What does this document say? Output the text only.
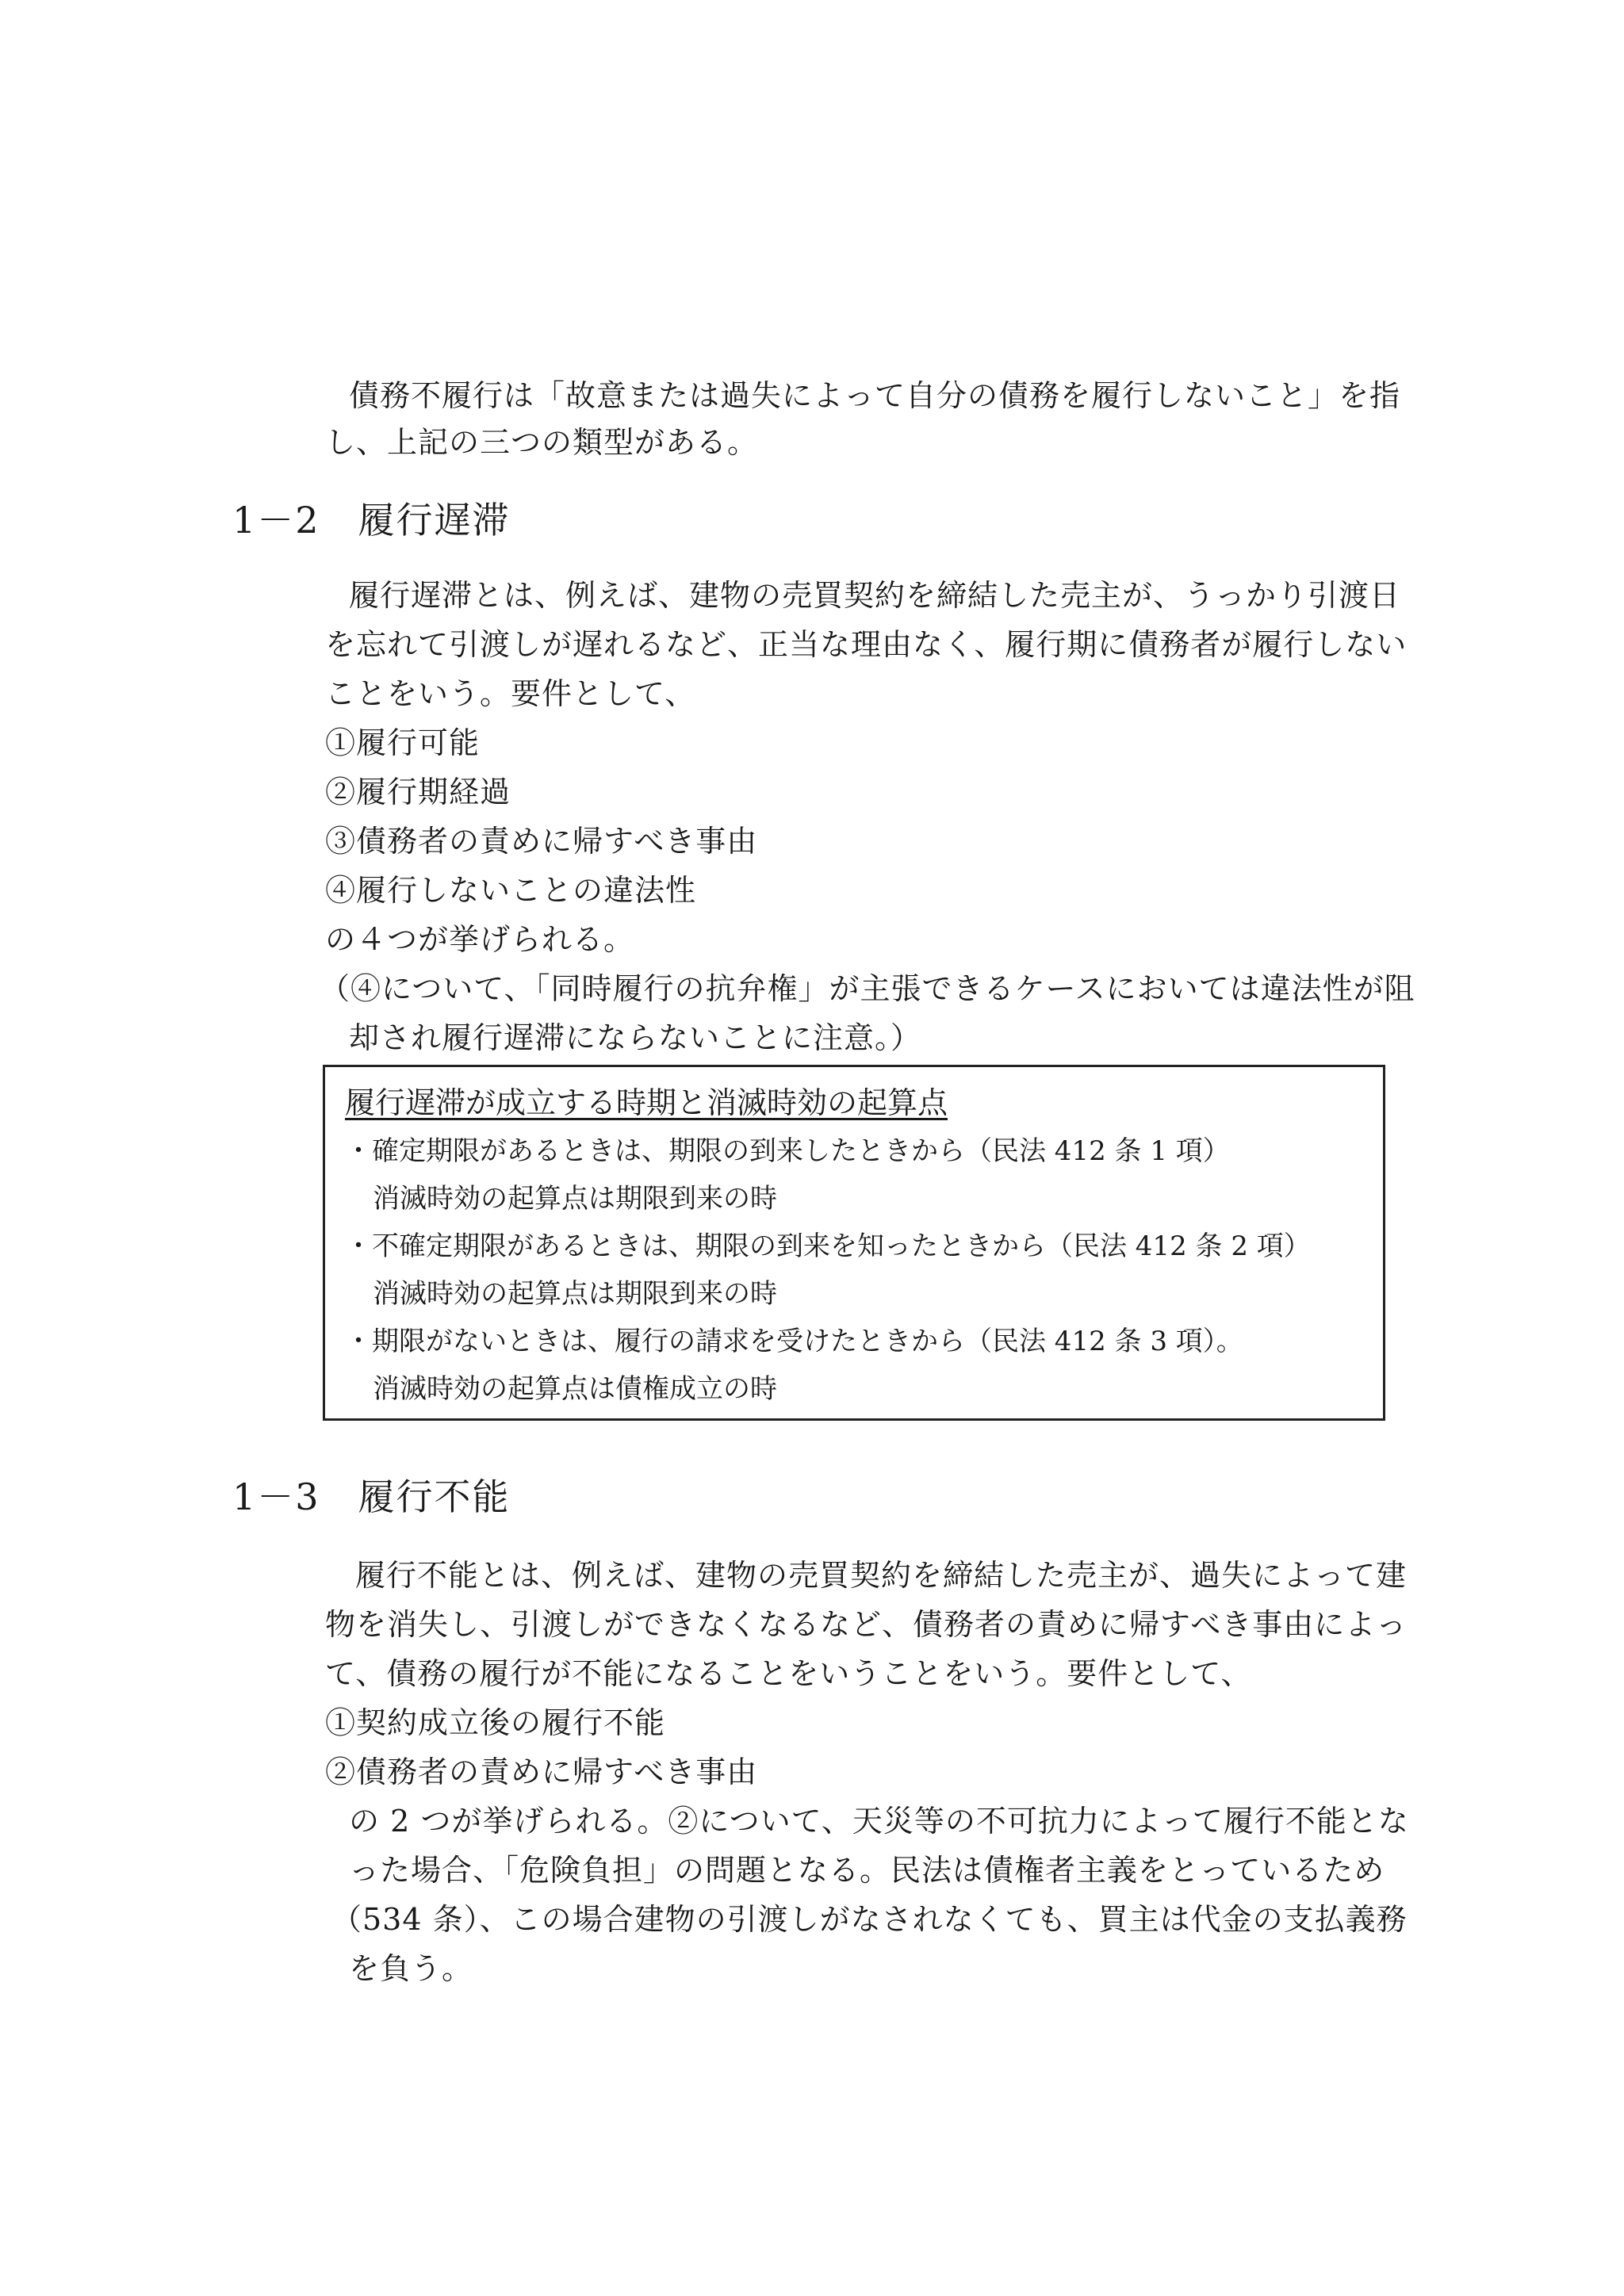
債務不履行は「故意または過失によって自分の債務を履行しないこと」を指
し、上記の三つの類型がある。
1－2　履行遅滞
履行遅滞とは、例えば、建物の売買契約を締結した売主が、うっかり引渡日
を忘れて引渡しが遅れるなど、正当な理由なく、履行期に債務者が履行しない
ことをいう。要件として、
①履行可能
②履行期経過
③債務者の責めに帰すべき事由
④履行しないことの違法性
の４つが挙げられる。
（④について、「同時履行の抗弁権」が主張できるケースにおいては違法性が阻
却され履行遅滞にならないことに注意。）
履行遅滞が成立する時期と消滅時効の起算点
・確定期限があるときは、期限の到来したときから（民法 412 条 1 項）
消滅時効の起算点は期限到来の時
・不確定期限があるときは、期限の到来を知ったときから（民法 412 条 2 項）
消滅時効の起算点は期限到来の時
・期限がないときは、履行の請求を受けたときから（民法 412 条 3 項）。
消滅時効の起算点は債権成立の時
1－3　履行不能
履行不能とは、例えば、建物の売買契約を締結した売主が、過失によって建
物を消失し、引渡しができなくなるなど、債務者の責めに帰すべき事由によっ
て、債務の履行が不能になることをいうことをいう。要件として、
①契約成立後の履行不能
②債務者の責めに帰すべき事由
の 2 つが挙げられる。②について、天災等の不可抗力によって履行不能とな
った場合、「危険負担」の問題となる。民法は債権者主義をとっているため
（534 条）、この場合建物の引渡しがなされなくても、買主は代金の支払義務
を負う。
